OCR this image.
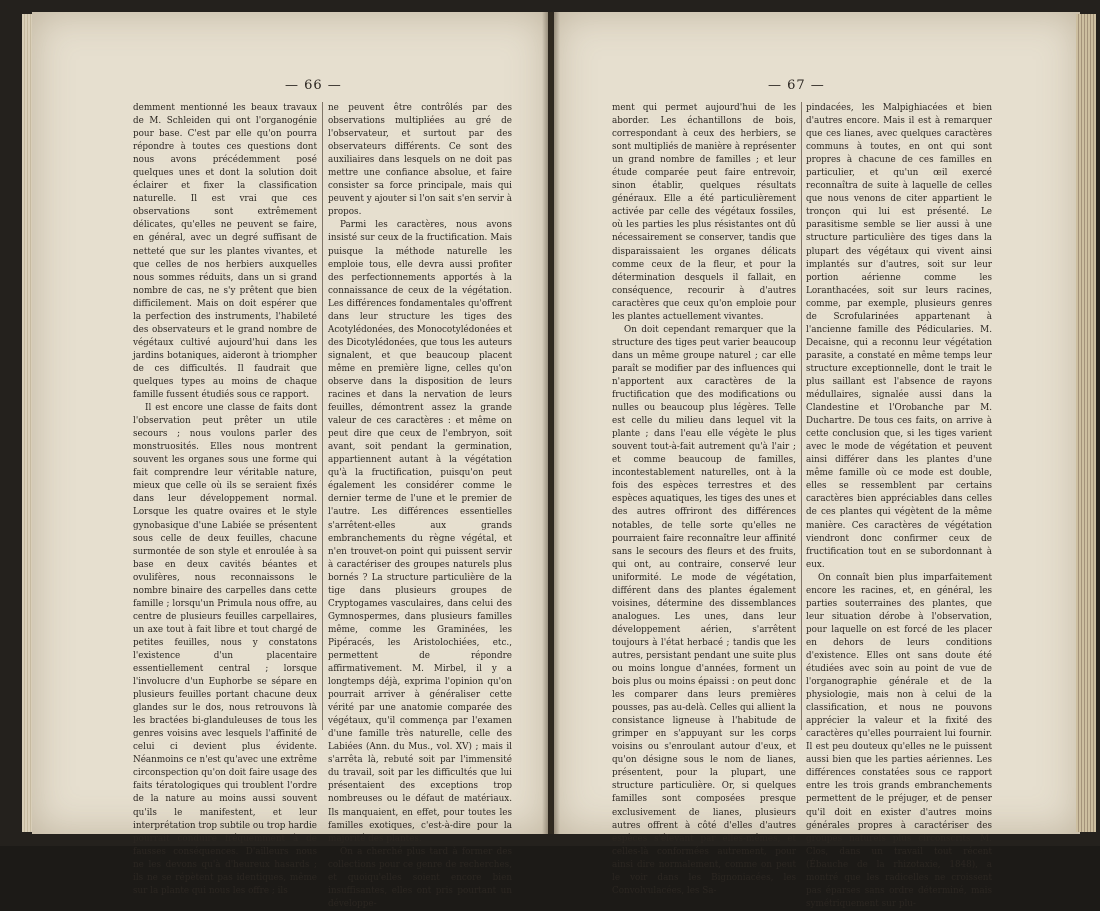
— 66 —	— 67 —

demment mentionné les beaux travaux de M. Schleiden qui ont l'organogénie pour base. C'est par elle qu'on pourra répondre à toutes ces questions dont nous avons précédemment posé quelques unes et dont la solution doit éclairer et fixer la classification naturelle. Il est vrai que ces observations sont extrêmement délicates, qu'elles ne peuvent se faire, en général, avec un degré suffisant de netteté que sur les plantes vivantes, et que celles de nos herbiers auxquelles nous sommes réduits, dans un si grand nombre de cas, ne s'y prêtent que bien difficilement. Mais on doit espérer que la perfection des instruments, l'habileté des observateurs et le grand nombre de végétaux cultivé aujourd'hui dans les jardins botaniques, aideront à triompher de ces difficultés. Il faudrait que quelques types au moins de chaque famille fussent étudiés sous ce rapport.

Il est encore une classe de faits dont l'observation peut prêter un utile secours ; nous voulons parler des monstruosités. Elles nous montrent souvent les organes sous une forme qui fait comprendre leur véritable nature, mieux que celle où ils se seraient fixés dans leur développement normal. Lorsque les quatre ovaires et le style gynobasique d'une Labiée se présentent sous celle de deux feuilles, chacune surmontée de son style et enroulée à sa base en deux cavités béantes et ovulifères, nous reconnaissons le nombre binaire des carpelles dans cette famille ; lorsqu'un Primula nous offre, au centre de plusieurs feuilles carpellaires, un axe tout à fait libre et tout chargé de petites feuilles, nous y constatons l'existence d'un placentaire essentiellement central ; lorsque l'involucre d'un Euphorbe se sépare en plusieurs feuilles portant chacune deux glandes sur le dos, nous retrouvons là les bractées bi-glanduleuses de tous les genres voisins avec lesquels l'affinité de celui ci devient plus évidente. Néanmoins ce n'est qu'avec une extrême circonspection qu'on doit faire usage des faits tératologiques qui troublent l'ordre de la nature au moins aussi souvent qu'ils le manifestent, et leur interprétation trop subtile ou trop hardie pourrait conduire fréquemment à de fausses conséquences. D'ailleurs nous ne les devons qu'à d'heureux hasards ; ils ne se répètent pas identiques, même sur la plante qui nous les offre ; ils

ne peuvent être contrôlés par des observations multipliées au gré de l'observateur, et surtout par des observateurs différents. Ce sont des auxiliaires dans lesquels on ne doit pas mettre une confiance absolue, et faire consister sa force principale, mais qui peuvent y ajouter si l'on sait s'en servir à propos.

Parmi les caractères, nous avons insisté sur ceux de la fructification. Mais puisque la méthode naturelle les emploie tous, elle devra aussi profiter des perfectionnements apportés à la connaissance de ceux de la végétation. Les différences fondamentales qu'offrent dans leur structure les tiges des Acotylédonées, des Monocotylédonées et des Dicotylédonées, que tous les auteurs signalent, et que beaucoup placent même en première ligne, celles qu'on observe dans la disposition de leurs racines et dans la nervation de leurs feuilles, démontrent assez la grande valeur de ces caractères : et même on peut dire que ceux de l'embryon, soit avant, soit pendant la germination, appartiennent autant à la végétation qu'à la fructification, puisqu'on peut également les considérer comme le dernier terme de l'une et le premier de l'autre. Les différences essentielles s'arrêtent-elles aux grands embranchements du règne végétal, et n'en trouvet-on point qui puissent servir à caractériser des groupes naturels plus bornés ? La structure particulière de la tige dans plusieurs groupes de Cryptogames vasculaires, dans celui des Gymnospermes, dans plusieurs familles même, comme les Graminées, les Pipéracés, les Aristolochiées, etc., permettent de répondre affirmativement. M. Mirbel, il y a longtemps déjà, exprima l'opinion qu'on pourrait arriver à généraliser cette vérité par une anatomie comparée des végétaux, qu'il commença par l'examen d'une famille très naturelle, celle des Labiées (Ann. du Mus., vol. XV) ; mais il s'arrêta là, rebuté soit par l'immensité du travail, soit par les difficultés que lui présentaient des exceptions trop nombreuses ou le défaut de matériaux. Ils manquaient, en effet, pour toutes les familles exotiques, c'est-à-dire pour la majorité des plantes.

On a cherché plus tard à former des collections pour ce genre de recherches, et quoiqu'elles soient encore bien insuffisantes, elles ont pris pourtant un développe-

ment qui permet aujourd'hui de les aborder. Les échantillons de bois, correspondant à ceux des herbiers, se sont multipliés de manière à représenter un grand nombre de familles ; et leur étude comparée peut faire entrevoir, sinon établir, quelques résultats généraux. Elle a été particulièrement activée par celle des végétaux fossiles, où les parties les plus résistantes ont dû nécessairement se conserver, tandis que disparaissaient les organes délicats comme ceux de la fleur, et pour la détermination desquels il fallait, en conséquence, recourir à d'autres caractères que ceux qu'on emploie pour les plantes actuellement vivantes.

On doit cependant remarquer que la structure des tiges peut varier beaucoup dans un même groupe naturel ; car elle paraît se modifier par des influences qui n'apportent aux caractères de la fructification que des modifications ou nulles ou beaucoup plus légères. Telle est celle du milieu dans lequel vit la plante ; dans l'eau elle végète le plus souvent tout-à-fait autrement qu'à l'air ; et comme beaucoup de familles, incontestablement naturelles, ont à la fois des espèces terrestres et des espèces aquatiques, les tiges des unes et des autres offriront des différences notables, de telle sorte qu'elles ne pourraient faire reconnaître leur affinité sans le secours des fleurs et des fruits, qui ont, au contraire, conservé leur uniformité. Le mode de végétation, différent dans des plantes également voisines, détermine des dissemblances analogues. Les unes, dans leur développement aérien, s'arrêtent toujours à l'état herbacé ; tandis que les autres, persistant pendant une suite plus ou moins longue d'années, forment un bois plus ou moins épaissi : on peut donc les comparer dans leurs premières pousses, pas au-delà. Celles qui allient la consistance ligneuse à l'habitude de grimper en s'appuyant sur les corps voisins ou s'enroulant autour d'eux, et qu'on désigne sous le nom de lianes, présentent, pour la plupart, une structure particulière. Or, si quelques familles sont composées presque exclusivement de lianes, plusieurs autres offrent à côté d'elles d'autres espèces s'élevant par elles-mêmes, et celles-là conformées autrement, pour ainsi dire normalement, comme on peut le voir dans les Bignoniacées, les Convolvulacées, les Sa-

pindacées, les Malpighiacées et bien d'autres encore. Mais il est à remarquer que ces lianes, avec quelques caractères communs à toutes, en ont qui sont propres à chacune de ces familles en particulier, et qu'un œil exercé reconnaîtra de suite à laquelle de celles que nous venons de citer appartient le tronçon qui lui est présenté. Le parasitisme semble se lier aussi à une structure particulière des tiges dans la plupart des végétaux qui vivent ainsi implantés sur d'autres, soit sur leur portion aérienne comme les Loranthacées, soit sur leurs racines, comme, par exemple, plusieurs genres de Scrofularinées appartenant à l'ancienne famille des Pédicularies. M. Decaisne, qui a reconnu leur végétation parasite, a constaté en même temps leur structure exceptionnelle, dont le trait le plus saillant est l'absence de rayons médullaires, signalée aussi dans la Clandestine et l'Orobanche par M. Duchartre. De tous ces faits, on arrive à cette conclusion que, si les tiges varient avec le mode de végétation et peuvent ainsi différer dans les plantes d'une même famille où ce mode est double, elles se ressemblent par certains caractères bien appréciables dans celles de ces plantes qui végètent de la même manière. Ces caractères de végétation viendront donc confirmer ceux de fructification tout en se subordonnant à eux.

On connaît bien plus imparfaitement encore les racines, et, en général, les parties souterraines des plantes, que leur situation dérobe à l'observation, pour laquelle on est forcé de les placer en dehors de leurs conditions d'existence. Elles ont sans doute été étudiées avec soin au point de vue de l'organographie générale et de la physiologie, mais non à celui de la classification, et nous ne pouvons apprécier la valeur et la fixité des caractères qu'elles pourraient lui fournir. Il est peu douteux qu'elles ne le puissent aussi bien que les parties aériennes. Les différences constatées sous ce rapport entre les trois grands embranchements permettent de le préjuger, et de penser qu'il doit en exister d'autres moins générales propres à caractériser des groupes naturels plus circonscrits. M. Clos, dans un travail tout récent (Ébauche de la rhizotaxie, 1848), a montré que les radicelles ne croissent pas éparses sans ordre déterminé, mais symétriquement sur plu-
